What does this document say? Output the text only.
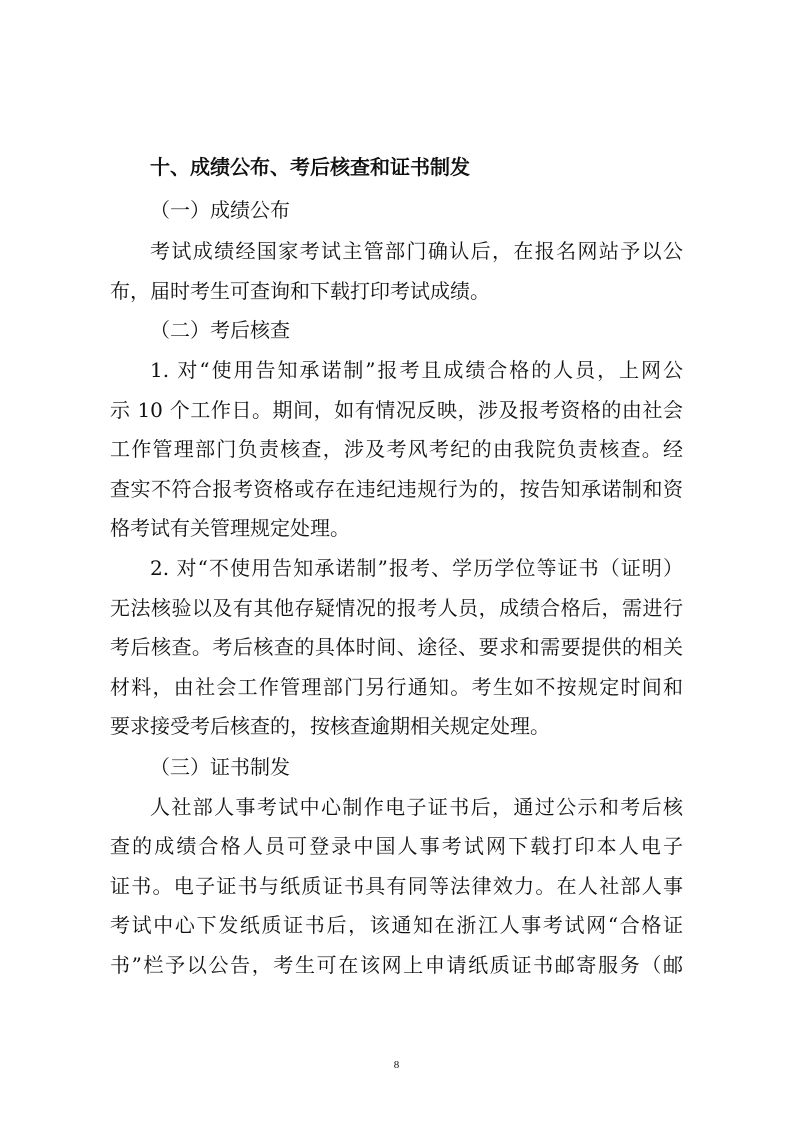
十、成绩公布、考后核查和证书制发
（一）成绩公布
考试成绩经国家考试主管部门确认后，在报名网站予以公
布，届时考生可查询和下载打印考试成绩。
（二）考后核查
1. 对“使用告知承诺制”报考且成绩合格的人员，上网公
示 10 个工作日。期间，如有情况反映，涉及报考资格的由社会
工作管理部门负责核查，涉及考风考纪的由我院负责核查。经
查实不符合报考资格或存在违纪违规行为的，按告知承诺制和资
格考试有关管理规定处理。
2. 对“不使用告知承诺制”报考、学历学位等证书（证明）
无法核验以及有其他存疑情况的报考人员，成绩合格后，需进行
考后核查。考后核查的具体时间、途径、要求和需要提供的相关
材料，由社会工作管理部门另行通知。考生如不按规定时间和
要求接受考后核查的，按核查逾期相关规定处理。
（三）证书制发
人社部人事考试中心制作电子证书后，通过公示和考后核
查的成绩合格人员可登录中国人事考试网下载打印本人电子
证书。电子证书与纸质证书具有同等法律效力。在人社部人事
考试中心下发纸质证书后，该通知在浙江人事考试网“合格证
书”栏予以公告，考生可在该网上申请纸质证书邮寄服务（邮
8
